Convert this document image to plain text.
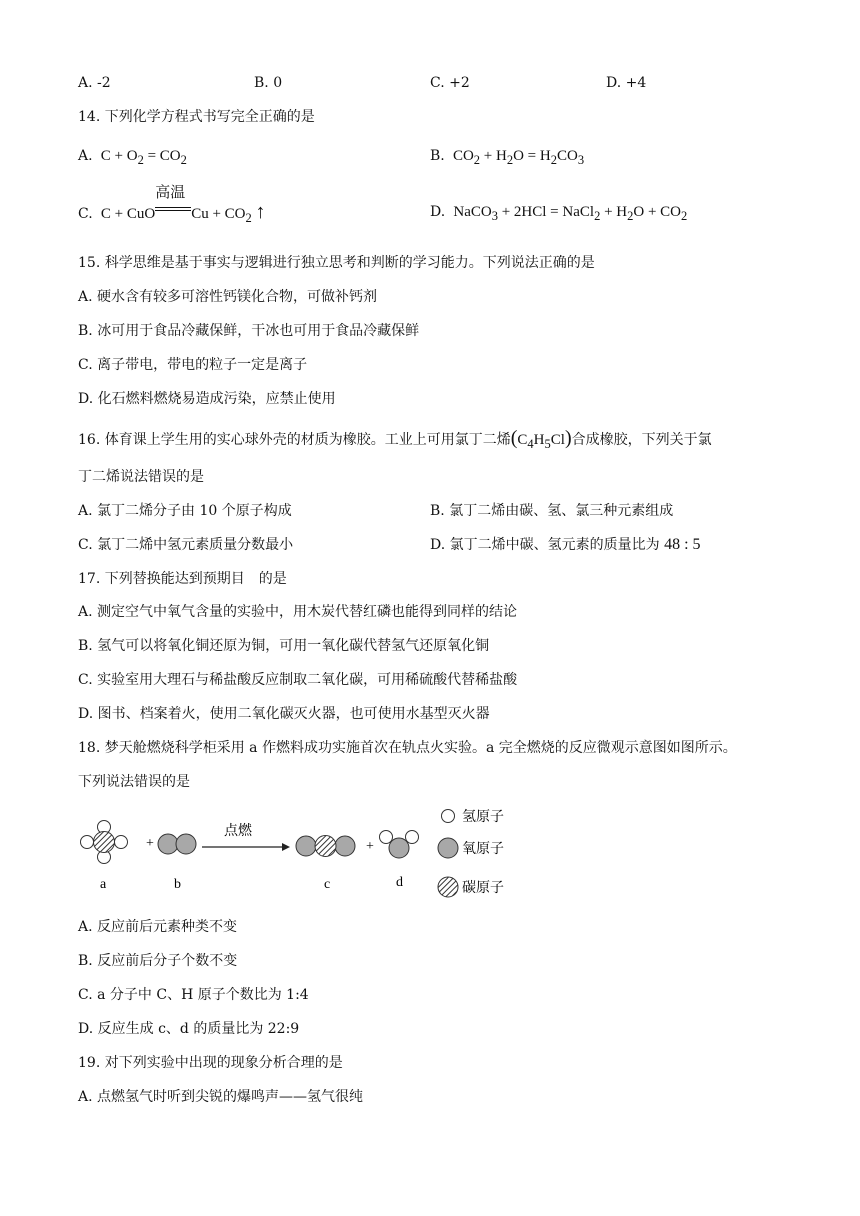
A. -2	B. 0	C. +2	D. +4
14. 下列化学方程式书写完全正确的是
A.  $C + O_2 = CO_2$	B.  $CO_2 + H_2O = H_2CO_3$
C.  C + CuO
高温
$Cu + CO_2$ ↑	D.  NaCO$_3$ + 2HCl = NaCl$_2$ + $H_2O + CO_2$
15. 科学思维是基于事实与逻辑进行独立思考和判断的学习能力。下列说法正确的是
A. 硬水含有较多可溶性钙镁化合物，可做补钙剂
B. 冰可用于食品冷藏保鲜，干冰也可用于食品冷藏保鲜
C. 离子带电，带电的粒子一定是离子
D. 化石燃料燃烧易造成污染，应禁止使用
16. 体育课上学生用的实心球外壳的材质为橡胶。工业上可用氯丁二烯$(C_4H_5Cl)$合成橡胶，下列关于氯
丁二烯说法错误的是
A. 氯丁二烯分子由 10 个原子构成	B. 氯丁二烯由碳、氢、氯三种元素组成
C. 氯丁二烯中氢元素质量分数最小	D. 氯丁二烯中碳、氢元素的质量比为 48 : 5
17. 下列替换能达到预期目　的是
A. 测定空气中氧气含量的实验中，用木炭代替红磷也能得到同样的结论
B. 氢气可以将氧化铜还原为铜，可用一氧化碳代替氢气还原氧化铜
C. 实验室用大理石与稀盐酸反应制取二氧化碳，可用稀硫酸代替稀盐酸
D. 图书、档案着火，使用二氧化碳灭火器，也可使用水基型灭火器
18. 梦天舱燃烧科学柜采用 a 作燃料成功实施首次在轨点火实验。a 完全燃烧的反应微观示意图如图所示。
下列说法错误的是
+
点燃
+
a	b	c	d
氢原子
氧原子
碳原子
A. 反应前后元素种类不变
B. 反应前后分子个数不变
C. a 分子中 C、H 原子个数比为 1:4
D. 反应生成 c、d 的质量比为 22:9
19. 对下列实验中出现的现象分析合理的是
A. 点燃氢气时听到尖锐的爆鸣声——氢气很纯
